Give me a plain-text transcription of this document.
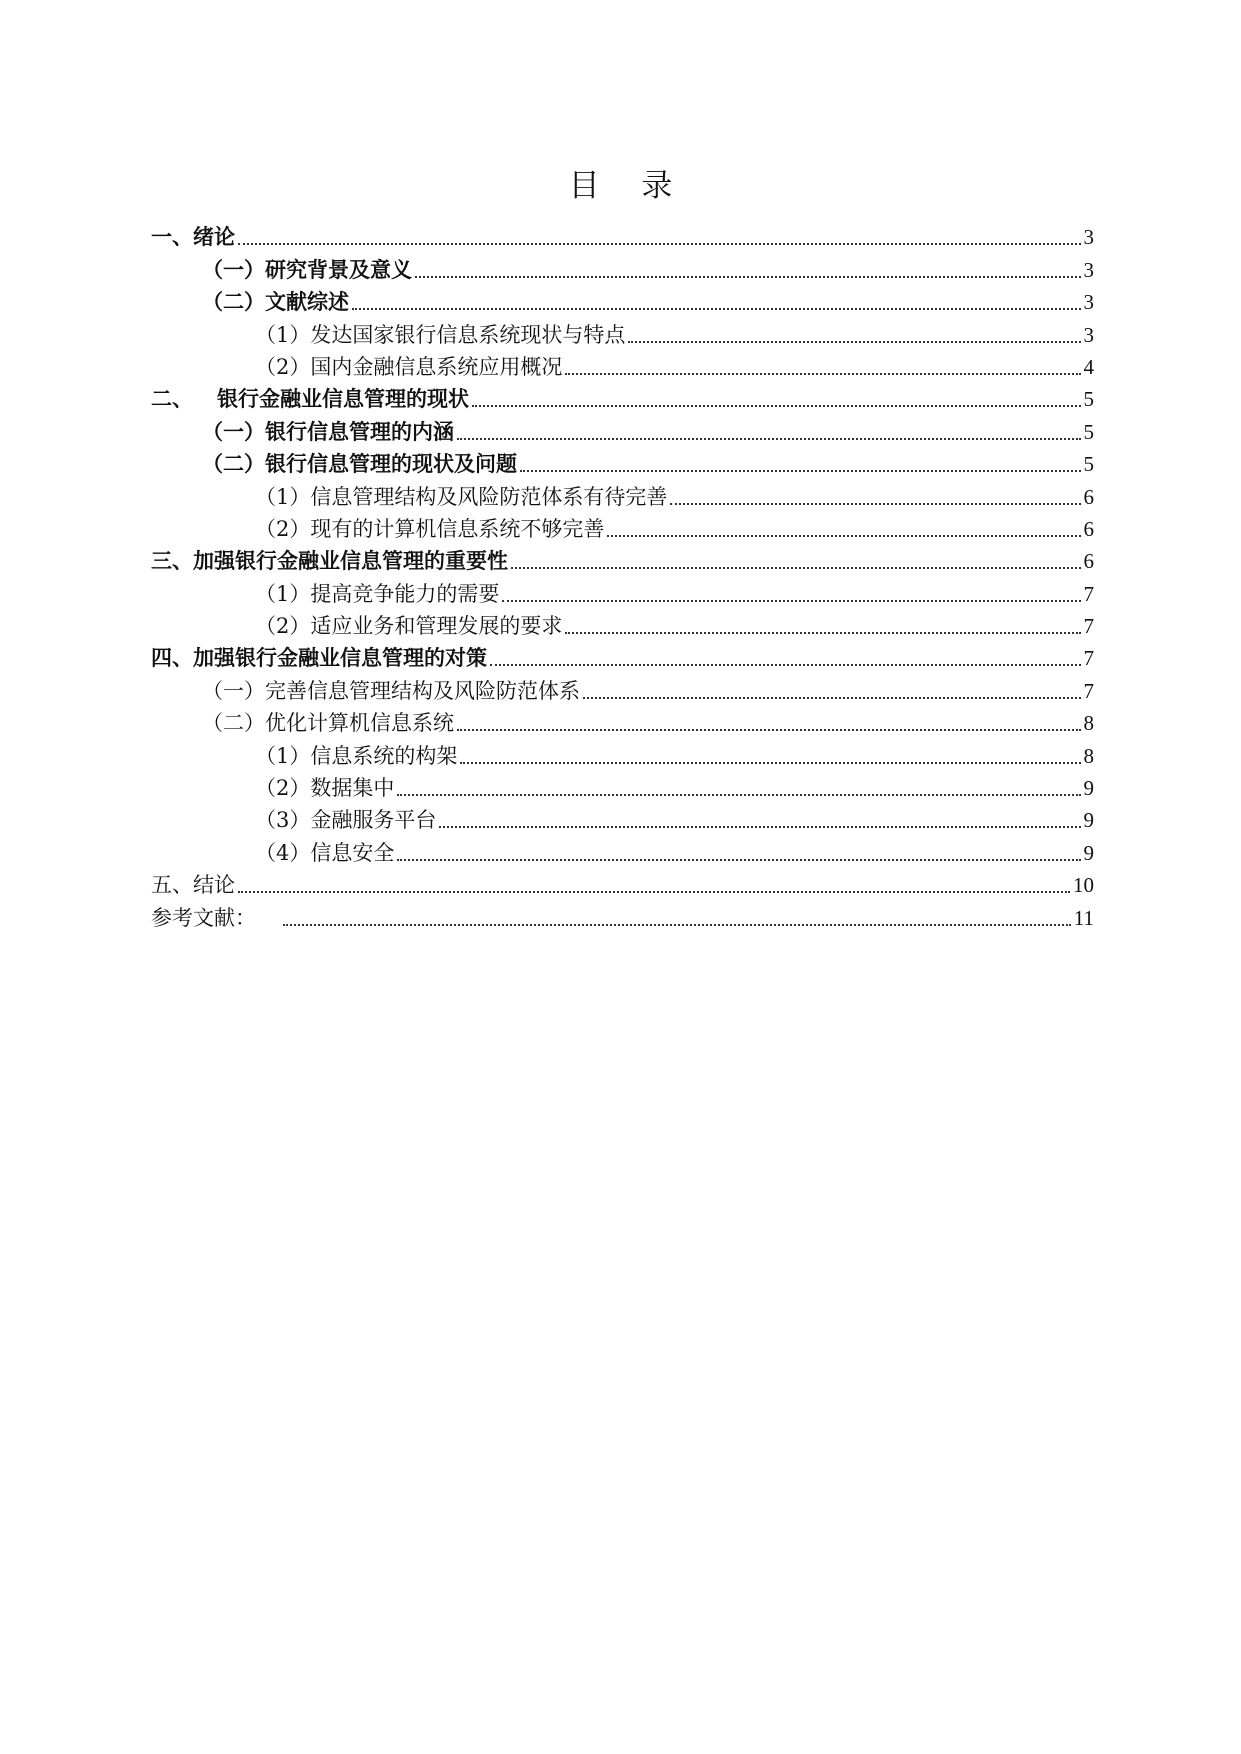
目 录
一、绪论	3
（一）研究背景及意义	3
（二）文献综述	3
（1）发达国家银行信息系统现状与特点	3
（2）国内金融信息系统应用概况	4
二、 银行金融业信息管理的现状	5
（一）银行信息管理的内涵	5
（二）银行信息管理的现状及问题	5
（1）信息管理结构及风险防范体系有待完善	6
（2）现有的计算机信息系统不够完善	6
三、加强银行金融业信息管理的重要性	6
（1）提高竞争能力的需要	7
（2）适应业务和管理发展的要求	7
四、加强银行金融业信息管理的对策	7
（一）完善信息管理结构及风险防范体系	7
（二）优化计算机信息系统	8
（1）信息系统的构架	8
（2）数据集中	9
（3）金融服务平台	9
（4）信息安全	9
五、结论	10
参考文献：	11
